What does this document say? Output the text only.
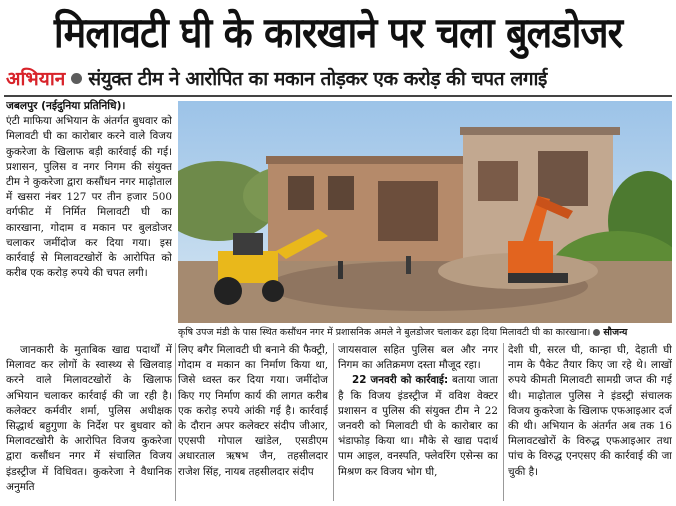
मिलावटी घी के कारखाने पर चला बुलडोजर
अभियान संयुक्त टीम ने आरोपित का मकान तोड़कर एक करोड़ की चपत लगाई

जबलपुर (नईदुनिया प्रतिनिधि)।
एंटी माफिया अभियान के अंतर्गत बुधवार को मिलावटी घी का कारोबार करने वाले विजय कुकरेजा के खिलाफ बड़ी कार्रवाई की गई। प्रशासन, पुलिस व नगर निगम की संयुक्त टीम ने कुकरेजा द्वारा कसौंधन नगर माढ़ोताल में खसरा नंबर 127 पर तीन हजार 500 वर्गफीट में निर्मित मिलावटी घी का कारखाना, गोदाम व मकान पर बुलडोजर चलाकर जमींदोज कर दिया गया। इस कार्रवाई से मिलावटखोरों के आरोपित को करीब एक करोड़ रुपये की चपत लगी।

जानकारी के मुताबिक खाद्य पदार्थों में मिलावट कर लोगों के स्वास्थ्य से खिलवाड़ करने वाले मिलावटखोरों के खिलाफ अभियान चलाकर कार्रवाई की जा रही है। कलेक्टर कर्मवीर शर्मा, पुलिस अधीक्षक सिद्धार्थ बहुगुणा के निर्देश पर बुधवार को मिलावटखोरी के आरोपित विजय कुकरेजा द्वारा कसौंधन नगर में संचालित विजय इंडस्ट्रीज में विधिवत। कुकरेजा ने वैधानिक अनुमति

कृषि उपज मंडी के पास स्थित कसौंधन नगर में प्रशासनिक अमले ने बुलडोजर चलाकर ढहा दिया मिलावटी घी का कारखाना। सौजन्य

लिए बगैर मिलावटी घी बनाने की फैक्ट्री, गोदाम व मकान का निर्माण किया था, जिसे ध्वस्त कर दिया गया। जमींदोज किए गए निर्माण कार्य की लागत करीब एक करोड़ रुपये आंकी गई है। कार्रवाई के दौरान अपर कलेक्टर संदीप जीआर, एएसपी गोपाल खांडेल, एसडीएम अधारताल ऋषभ जैन, तहसीलदार राजेश सिंह, नायब तहसीलदार संदीप

जायसवाल सहित पुलिस बल और नगर निगम का अतिक्रमण दस्ता मौजूद रहा।

22 जनवरी को कार्रवाई: बताया जाता है कि विजय इंडस्ट्रीज में वविश वेक्टर प्रशासन व पुलिस की संयुक्त टीम ने 22 जनवरी को मिलावटी घी के कारोबार का भंडाफोड़ किया था। मौके से खाद्य पदार्थ पाम आइल, वनस्पति, फ्लेवरिंग एसेन्स का मिश्रण कर विजय भोग घी,

देशी घी, सरल घी, कान्हा घी, देहाती घी नाम के पैकेट तैयार किए जा रहे थे। लाखों रुपये कीमती मिलावटी सामग्री जप्त की गई थी। माढ़ोताल पुलिस ने इंडस्ट्री संचालक विजय कुकरेजा के खिलाफ एफआइआर दर्ज की थी। अभियान के अंतर्गत अब तक 16 मिलावटखोरों के विरुद्ध एफआइआर तथा पांच के विरुद्ध एनएसए की कार्रवाई की जा चुकी है।
